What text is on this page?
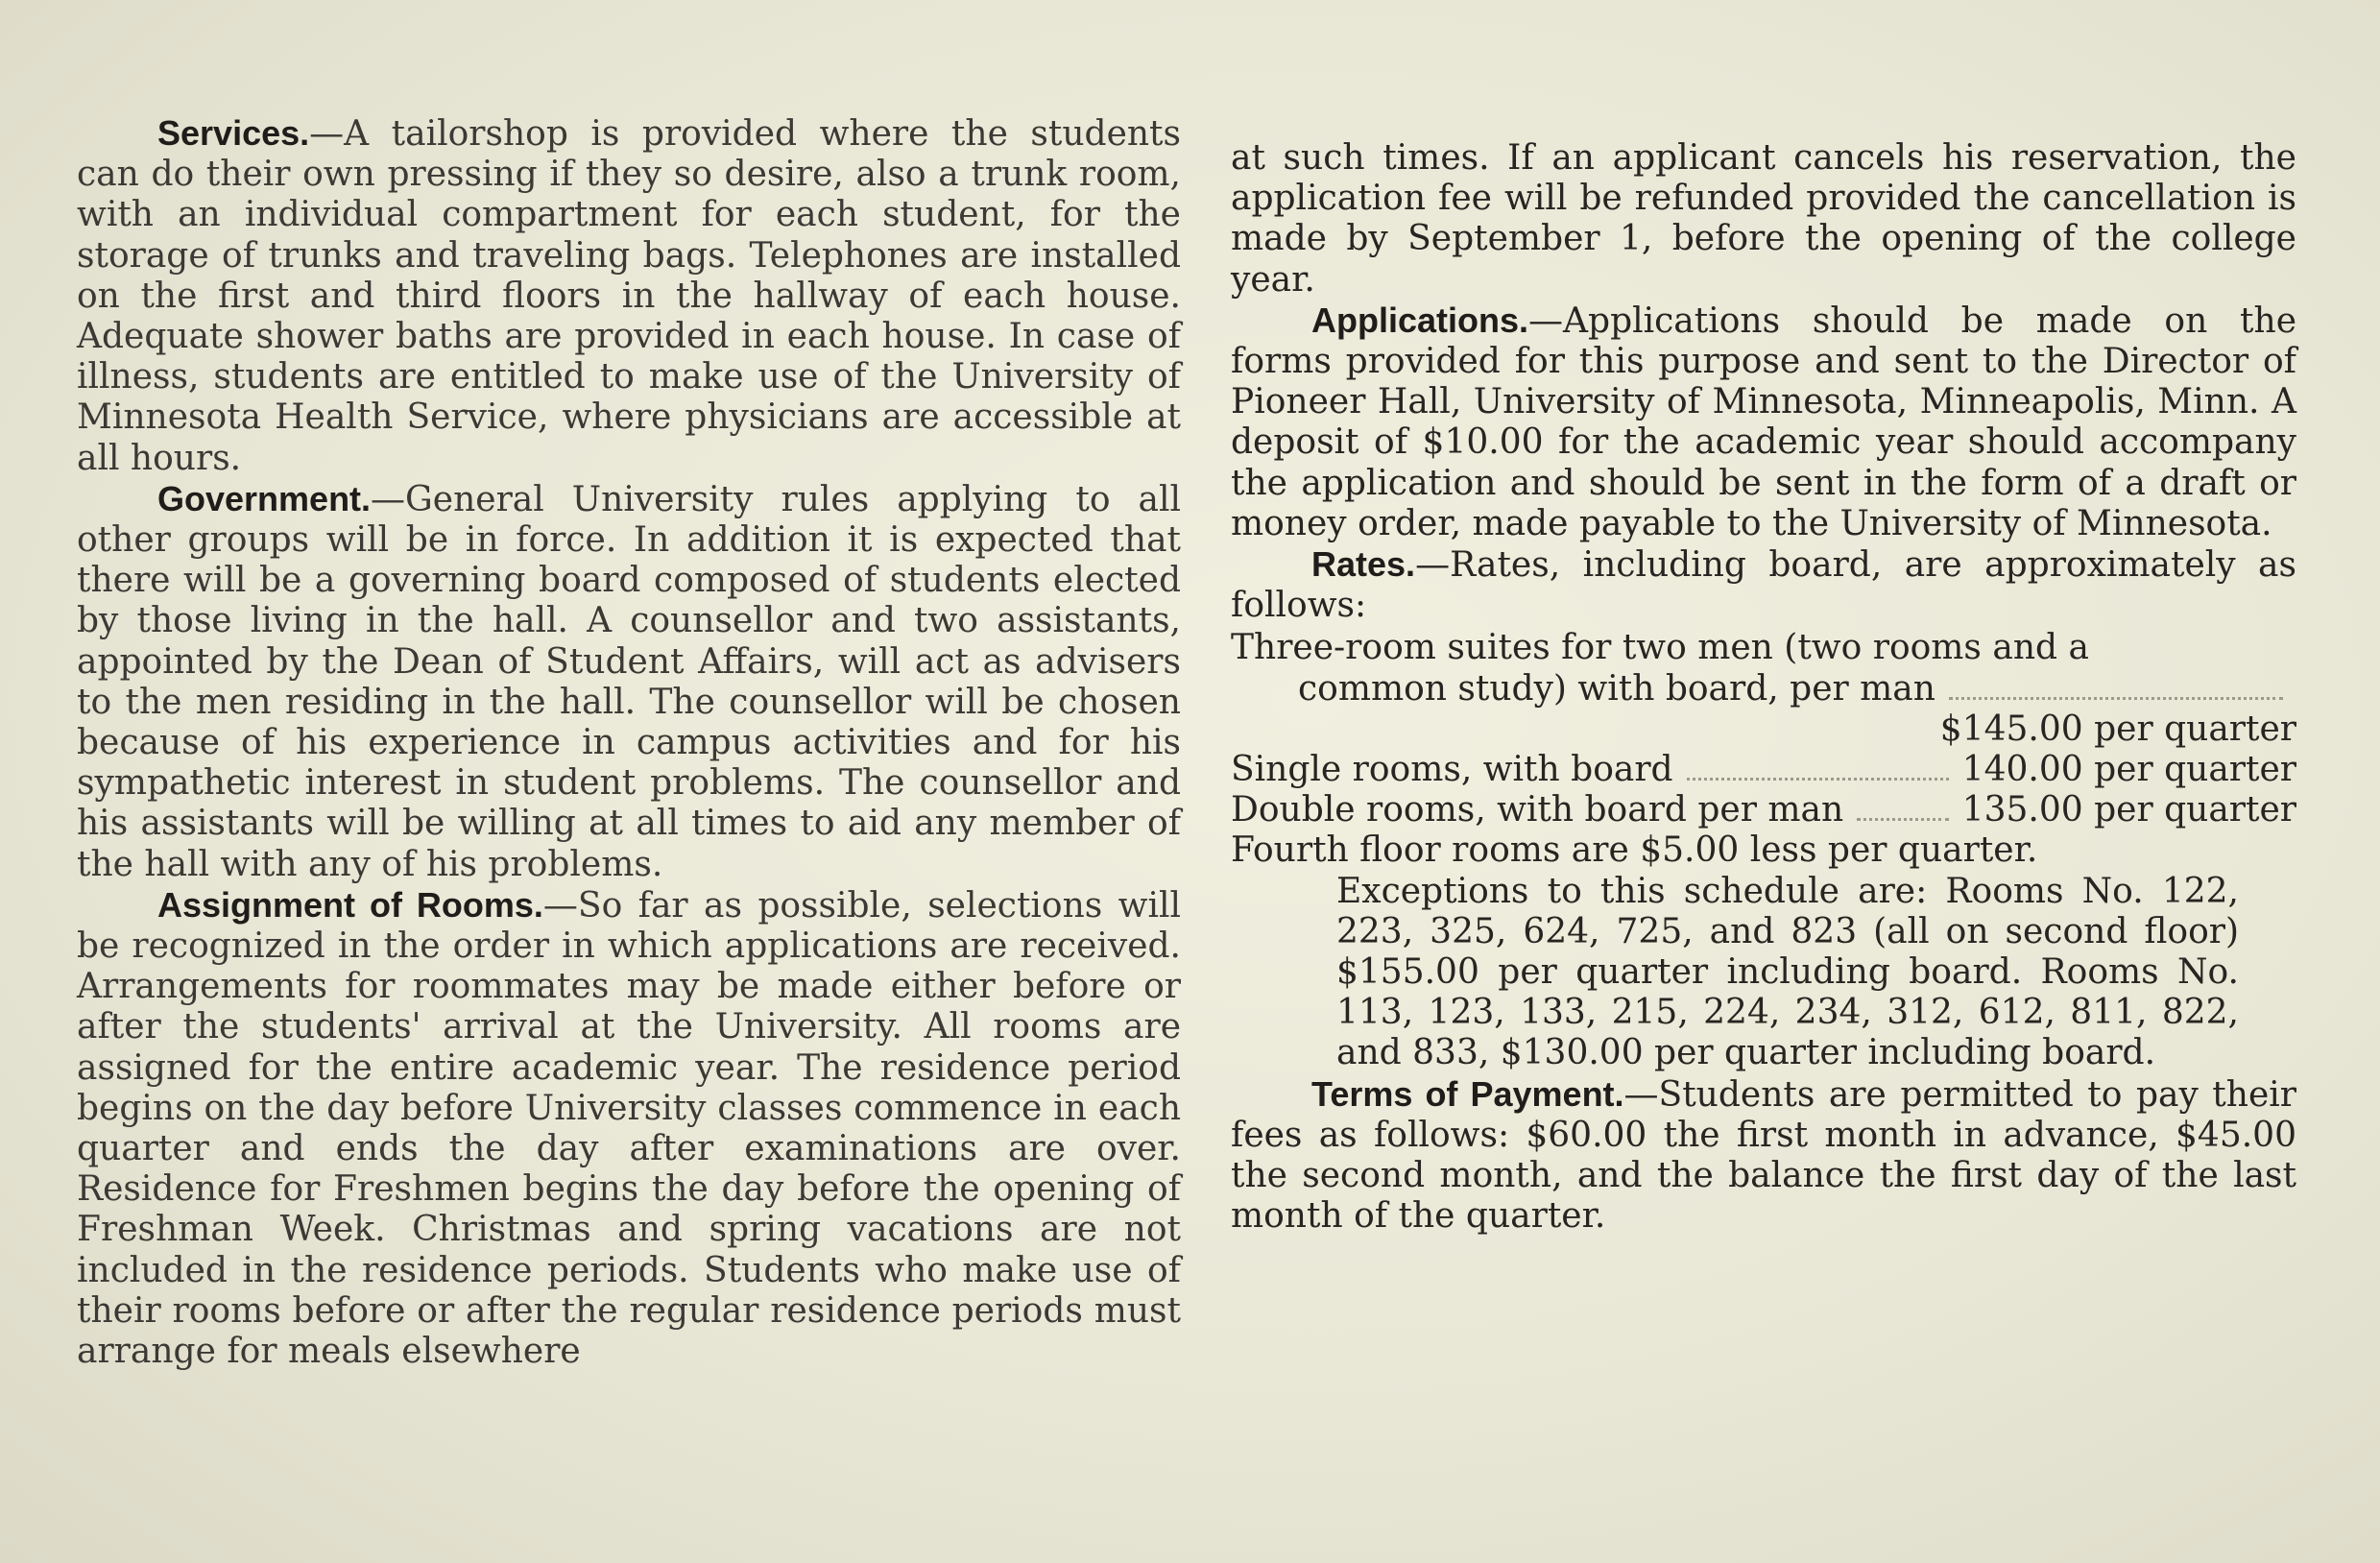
Services.—A tailorshop is provided where the students can do their own pressing if they so desire, also a trunk room, with an individual compartment for each student, for the storage of trunks and traveling bags. Telephones are installed on the first and third floors in the hallway of each house. Adequate shower baths are provided in each house. In case of illness, students are entitled to make use of the University of Minnesota Health Service, where physicians are accessible at all hours.

Government.—General University rules applying to all other groups will be in force. In addition it is expected that there will be a governing board composed of students elected by those living in the hall. A counsellor and two assistants, appointed by the Dean of Student Affairs, will act as advisers to the men residing in the hall. The counsellor will be chosen because of his experience in campus activities and for his sympathetic interest in student problems. The counsellor and his assistants will be willing at all times to aid any member of the hall with any of his problems.

Assignment of Rooms.—So far as possible, selections will be recognized in the order in which applications are received. Arrangements for roommates may be made either before or after the students' arrival at the University. All rooms are assigned for the entire academic year. The residence period begins on the day before University classes commence in each quarter and ends the day after examinations are over. Residence for Freshmen begins the day before the opening of Freshman Week. Christmas and spring vacations are not included in the residence periods. Students who make use of their rooms before or after the regular residence periods must arrange for meals elsewhere

at such times. If an applicant cancels his reservation, the application fee will be refunded provided the cancellation is made by September 1, before the opening of the college year.

Applications.—Applications should be made on the forms provided for this purpose and sent to the Director of Pioneer Hall, University of Minnesota, Minneapolis, Minn. A deposit of $10.00 for the academic year should accompany the application and should be sent in the form of a draft or money order, made payable to the University of Minnesota.

Rates.—Rates, including board, are approximately as follows:

Three-room suites for two men (two rooms and a
common study) with board, per man
$145.00 per quarter
Single rooms, with board	140.00 per quarter
Double rooms, with board per man	135.00 per quarter
Fourth floor rooms are $5.00 less per quarter.

Exceptions to this schedule are: Rooms No. 122, 223, 325, 624, 725, and 823 (all on second floor) $155.00 per quarter including board. Rooms No. 113, 123, 133, 215, 224, 234, 312, 612, 811, 822, and 833, $130.00 per quarter including board.

Terms of Payment.—Students are permitted to pay their fees as follows: $60.00 the first month in advance, $45.00 the second month, and the balance the first day of the last month of the quarter.
